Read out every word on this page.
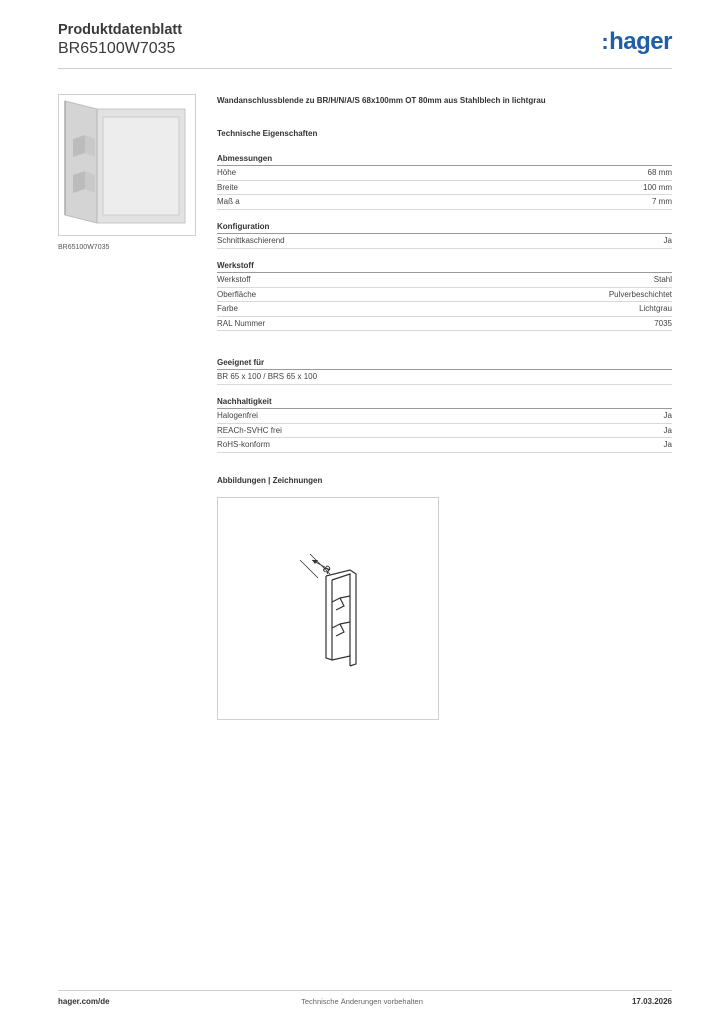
Produktdatenblatt
BR65100W7035	:hager
BR65100W7035
Wandanschlussblende zu BR/H/N/A/S 68x100mm OT 80mm aus Stahlblech in lichtgrau
Technische Eigenschaften
Abmessungen
Höhe	68 mm
Breite	100 mm
Maß a	7 mm
Konfiguration
Schnittkaschierend	Ja
Werkstoff
Werkstoff	Stahl
Oberfläche	Pulverbeschichtet
Farbe	Lichtgrau
RAL Nummer	7035
Geeignet für
BR 65 x 100 / BRS 65 x 100
Nachhaltigkeit
Halogenfrei	Ja
REACh-SVHC frei	Ja
RoHS-konform	Ja
Abbildungen | Zeichnungen
a
hager.com/de	Technische Änderungen vorbehalten	17.03.2026
